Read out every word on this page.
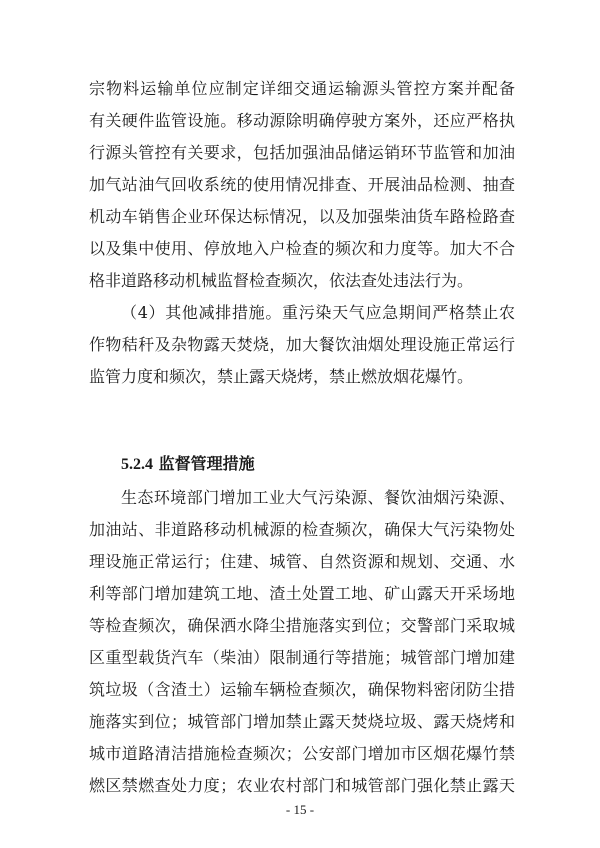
宗物料运输单位应制定详细交通运输源头管控方案并配备
有关硬件监管设施。移动源除明确停驶方案外，还应严格执
行源头管控有关要求，包括加强油品储运销环节监管和加油
加气站油气回收系统的使用情况排查、开展油品检测、抽查
机动车销售企业环保达标情况，以及加强柴油货车路检路查
以及集中使用、停放地入户检查的频次和力度等。加大不合
格非道路移动机械监督检查频次，依法查处违法行为。
（4）其他减排措施。重污染天气应急期间严格禁止农
作物秸秆及杂物露天焚烧，加大餐饮油烟处理设施正常运行
监管力度和频次，禁止露天烧烤，禁止燃放烟花爆竹。
5.2.4 监督管理措施
生态环境部门增加工业大气污染源、餐饮油烟污染源、
加油站、非道路移动机械源的检查频次，确保大气污染物处
理设施正常运行；住建、城管、自然资源和规划、交通、水
利等部门增加建筑工地、渣土处置工地、矿山露天开采场地
等检查频次，确保洒水降尘措施落实到位；交警部门采取城
区重型载货汽车（柴油）限制通行等措施；城管部门增加建
筑垃圾（含渣土）运输车辆检查频次，确保物料密闭防尘措
施落实到位；城管部门增加禁止露天焚烧垃圾、露天烧烤和
城市道路清洁措施检查频次；公安部门增加市区烟花爆竹禁
燃区禁燃查处力度；农业农村部门和城管部门强化禁止露天
- 15 -
